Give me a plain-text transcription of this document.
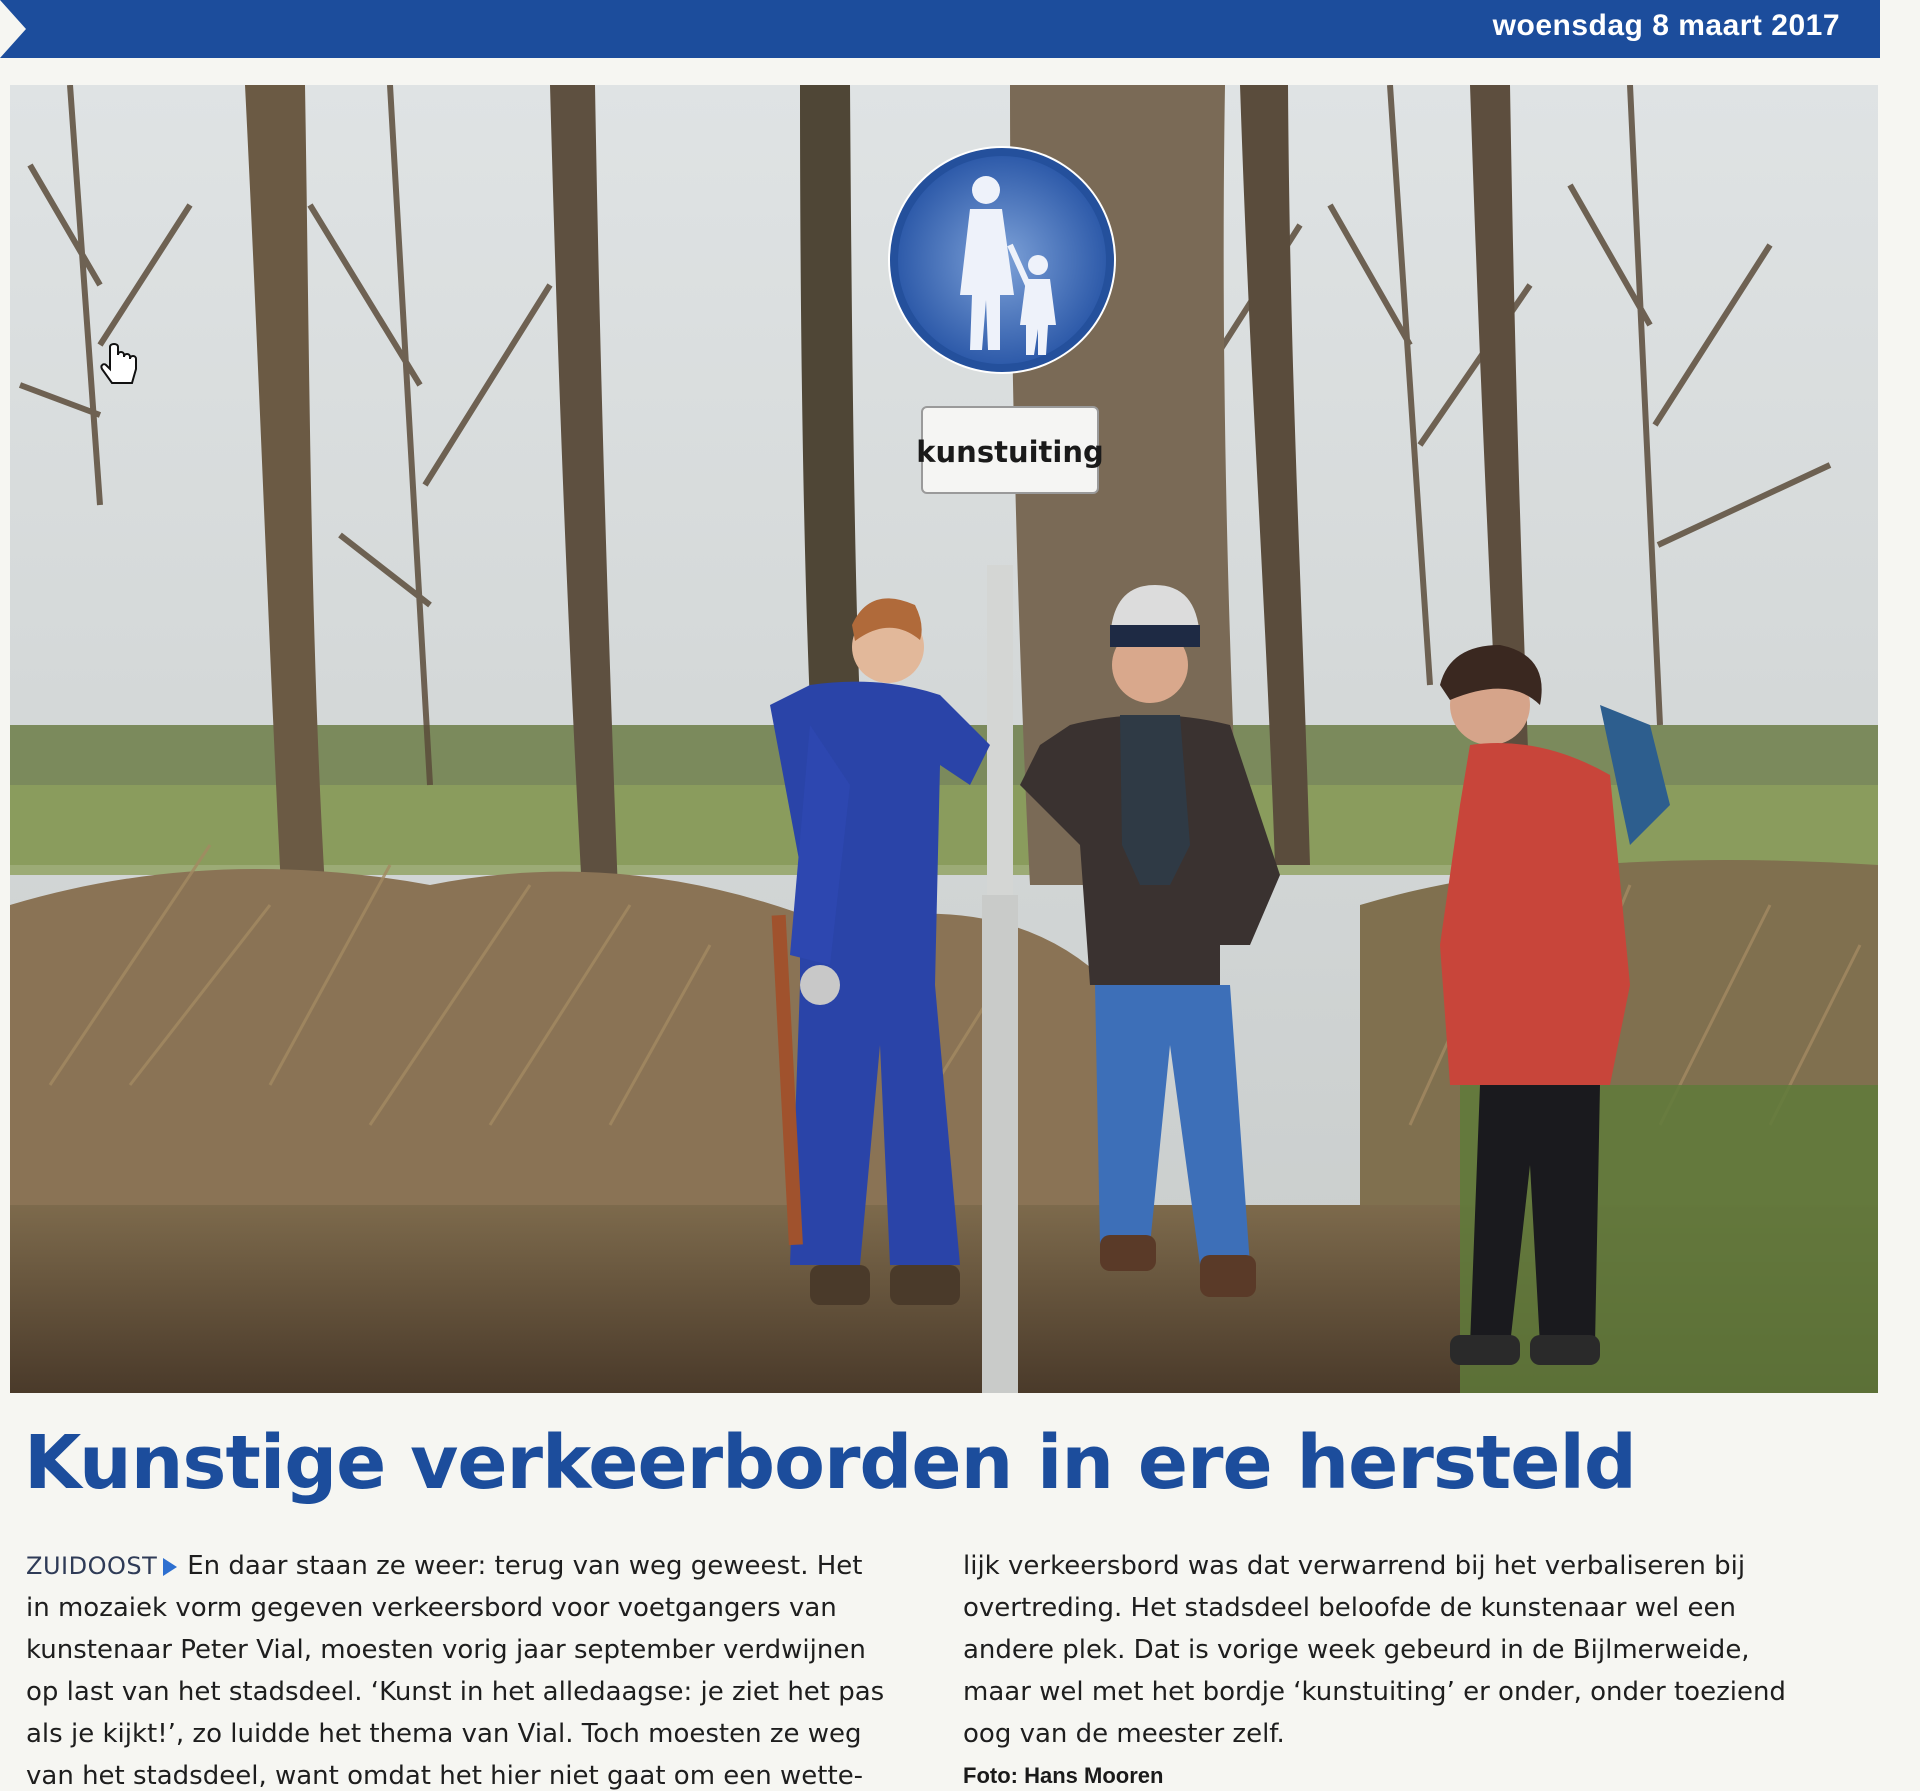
woensdag 8 maart 2017
kunstuiting
Kunstige verkeerborden in ere hersteld
ZUIDOOST En daar staan ze weer: terug van weg geweest. Het
in mozaiek vorm gegeven verkeersbord voor voetgangers van
kunstenaar Peter Vial, moesten vorig jaar september verdwijnen
op last van het stadsdeel. ‘Kunst in het alledaagse: je ziet het pas
als je kijkt!’, zo luidde het thema van Vial. Toch moesten ze weg
van het stadsdeel, want omdat het hier niet gaat om een wette-
lijk verkeersbord was dat verwarrend bij het verbaliseren bij
overtreding. Het stadsdeel beloofde de kunstenaar wel een
andere plek. Dat is vorige week gebeurd in de Bijlmerweide,
maar wel met het bordje ‘kunstuiting’ er onder, onder toeziend
oog van de meester zelf.
Foto: Hans Mooren
